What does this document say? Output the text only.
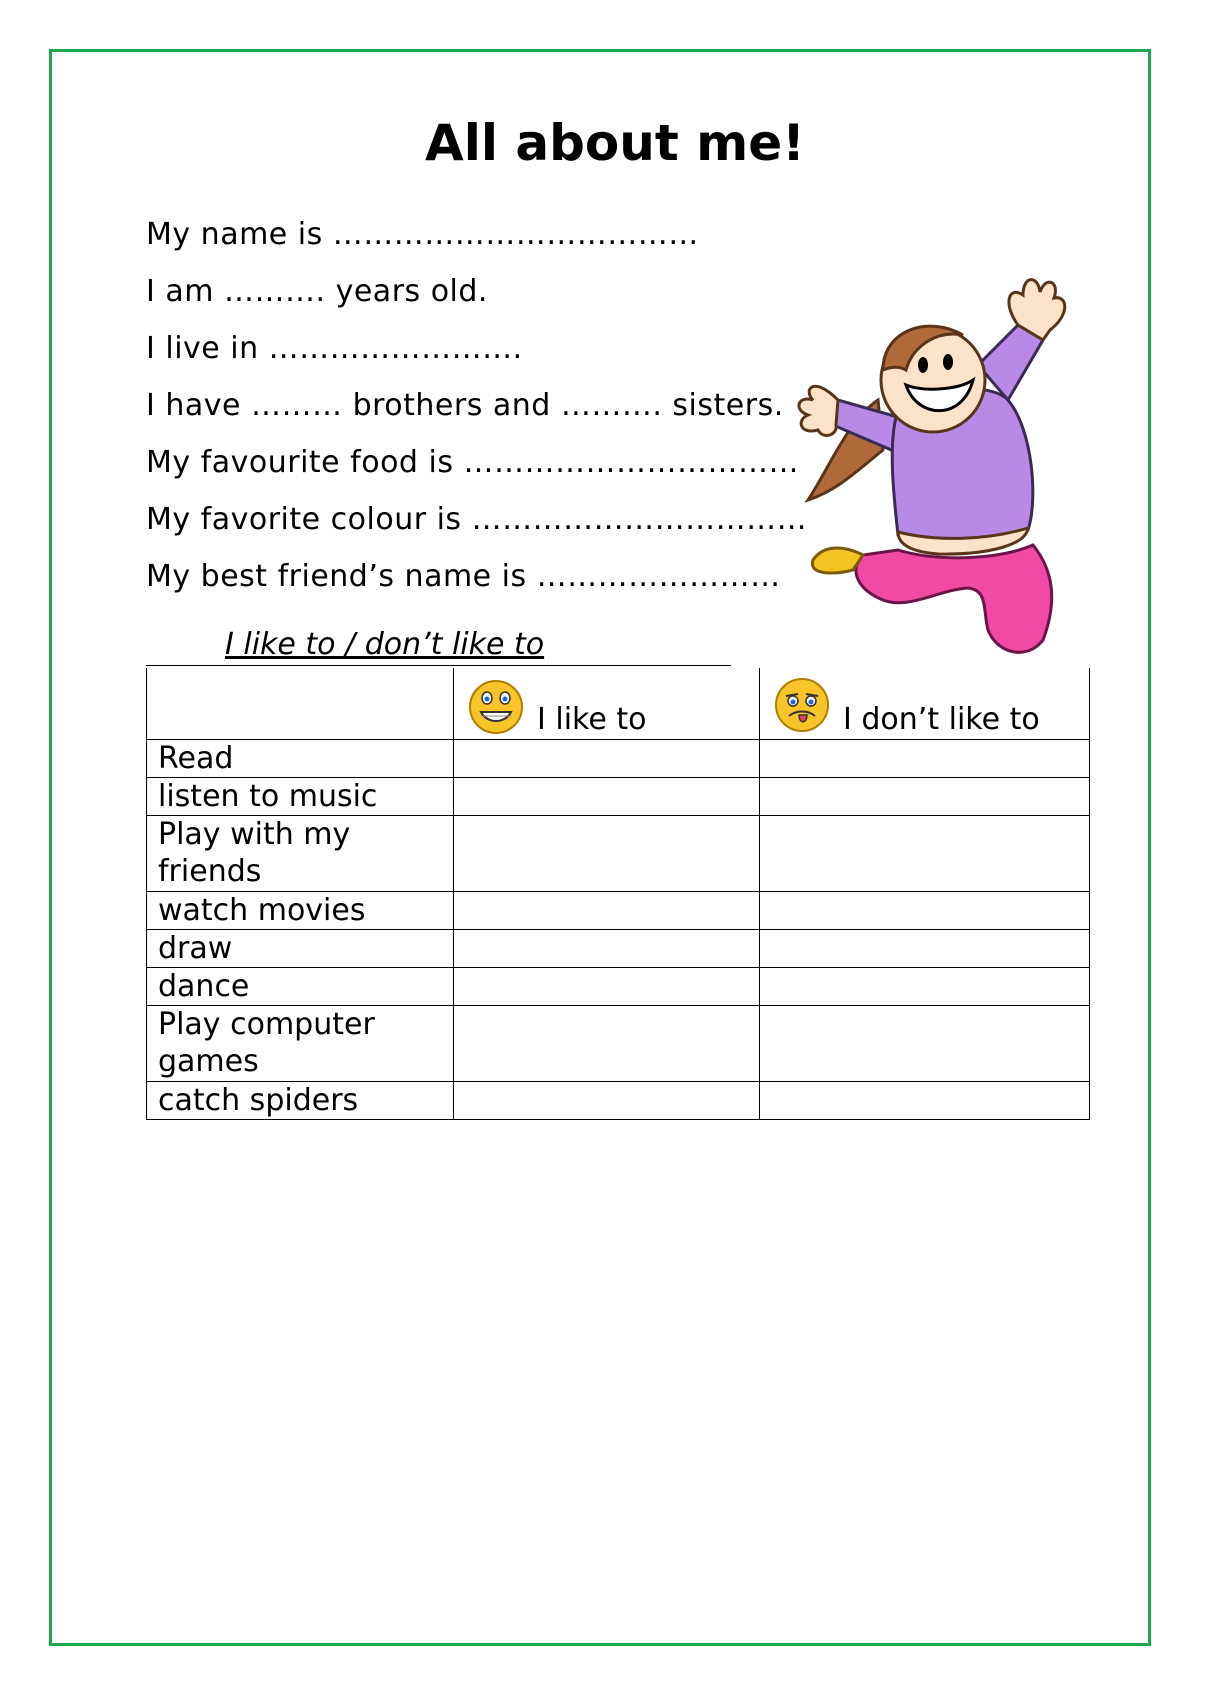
All about me!
My name is ………………………………
I am ………. years old.
I live in …………………….
I have ……… brothers and ………. sisters.
My favourite food is ……………………………
My favorite colour is ……………………………
My best friend’s name is ……………………
I like to / don’t like to

	I like to	I don’t like to

Read		
listen to music		
Play with my friends		
watch movies		
draw		
dance		
Play computer games		
catch spiders		
